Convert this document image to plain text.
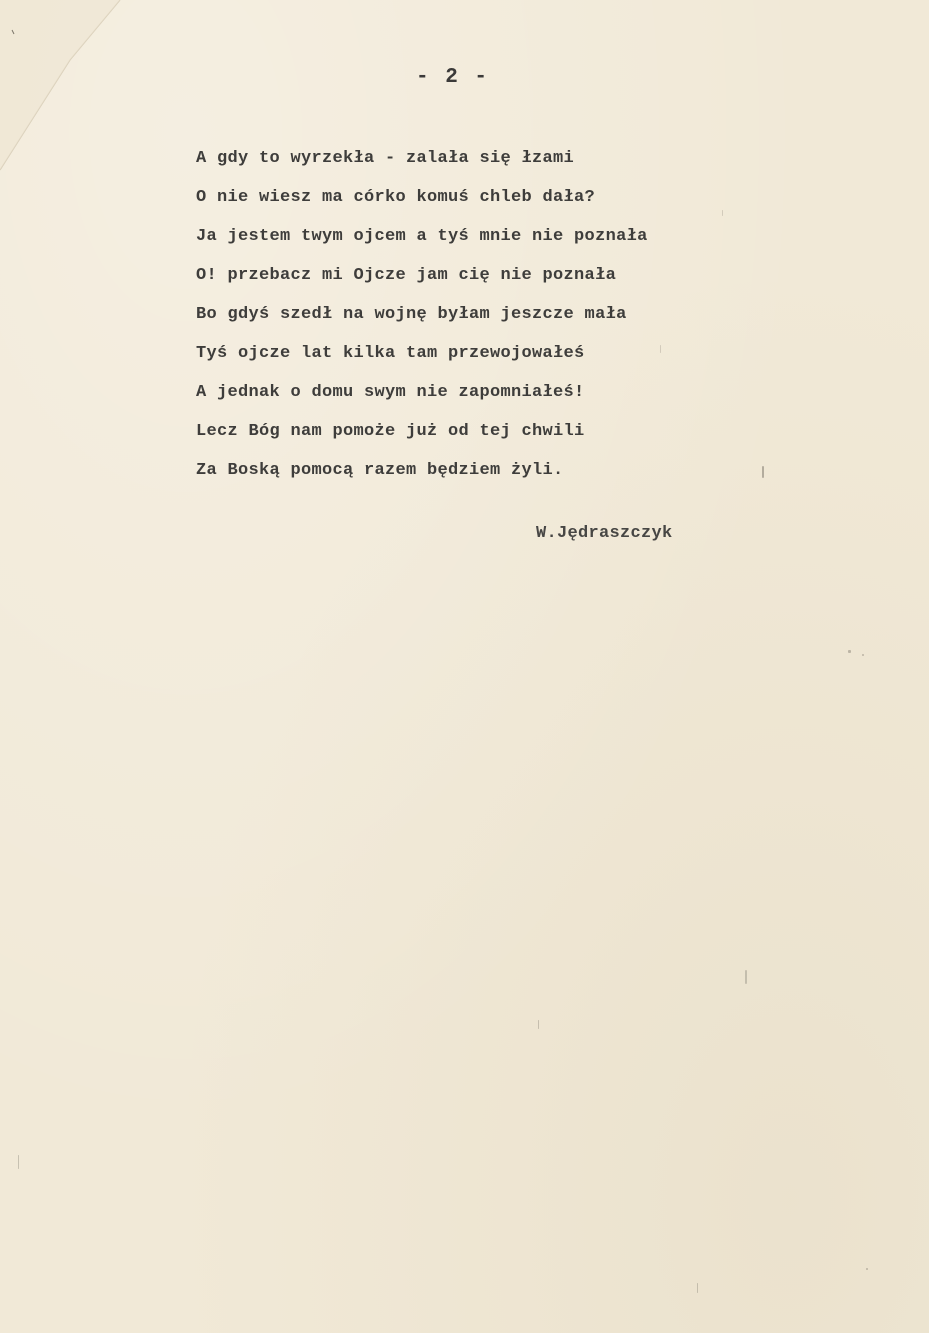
- 2 -
A gdy to wyrzekła - zalała się łzami
O nie wiesz ma córko komuś chleb dała?
Ja jestem twym ojcem a tyś mnie nie poznała
O! przebacz mi Ojcze jam cię nie poznała
Bo gdyś szedł na wojnę byłam jeszcze mała
Tyś ojcze lat kilka tam przewojowałeś
A jednak o domu swym nie zapomniałeś!
Lecz Bóg nam pomoże już od tej chwili
Za Boską pomocą razem będziem żyli.
W.Jędraszczyk
